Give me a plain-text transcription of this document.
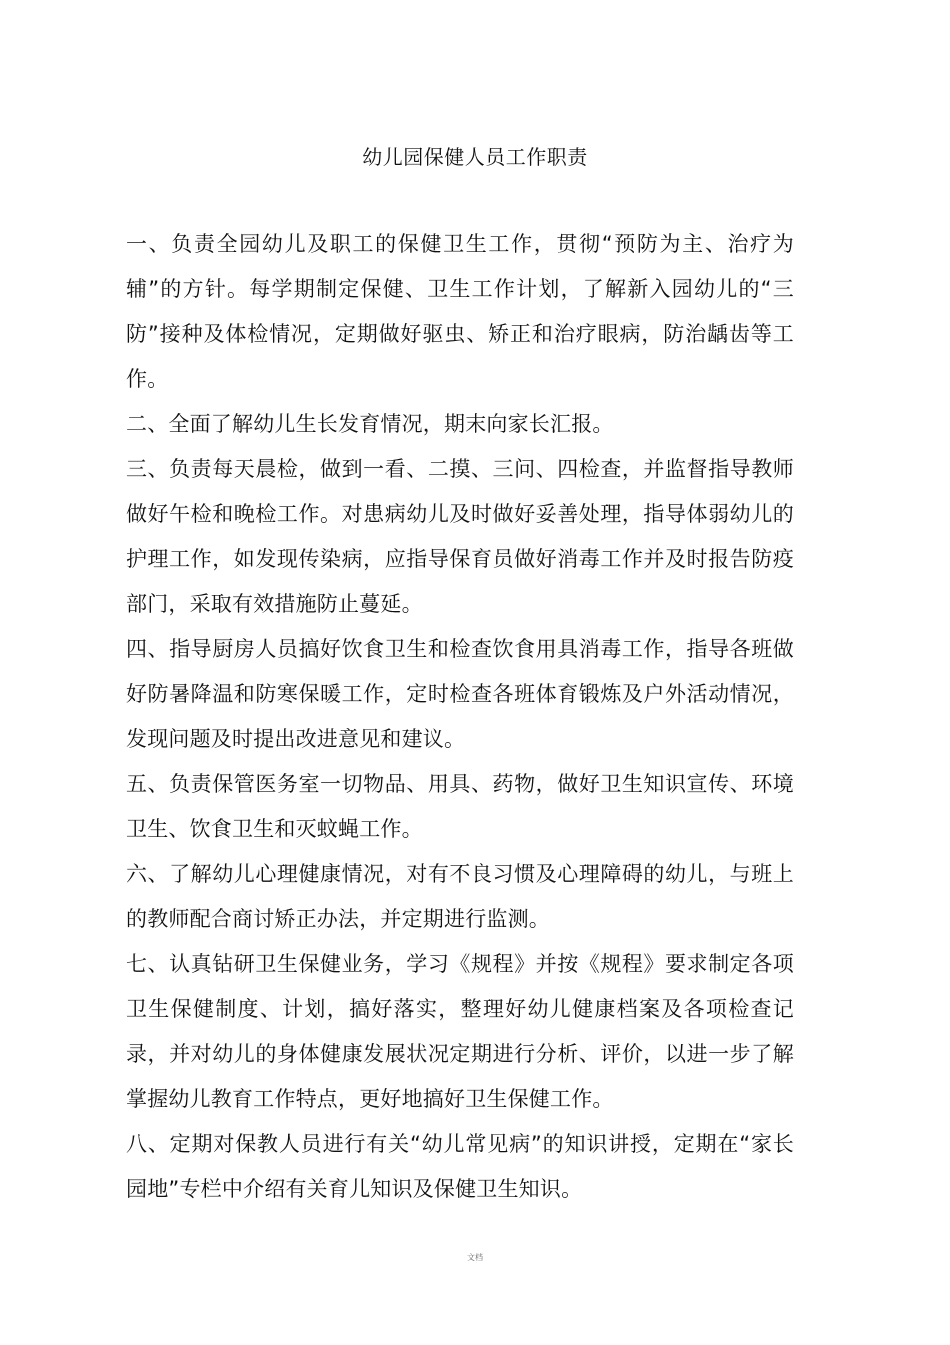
幼儿园保健人员工作职责

一、负责全园幼儿及职工的保健卫生工作，贯彻“预防为主、治疗为辅”的方针。每学期制定保健、卫生工作计划，了解新入园幼儿的“三防”接种及体检情况，定期做好驱虫、矫正和治疗眼病，防治龋齿等工作。

二、全面了解幼儿生长发育情况，期末向家长汇报。

三、负责每天晨检，做到一看、二摸、三问、四检查，并监督指导教师做好午检和晚检工作。对患病幼儿及时做好妥善处理，指导体弱幼儿的护理工作，如发现传染病，应指导保育员做好消毒工作并及时报告防疫部门，采取有效措施防止蔓延。

四、指导厨房人员搞好饮食卫生和检查饮食用具消毒工作，指导各班做好防暑降温和防寒保暖工作，定时检查各班体育锻炼及户外活动情况，发现问题及时提出改进意见和建议。

五、负责保管医务室一切物品、用具、药物，做好卫生知识宣传、环境卫生、饮食卫生和灭蚊蝇工作。

六、了解幼儿心理健康情况，对有不良习惯及心理障碍的幼儿，与班上的教师配合商讨矫正办法，并定期进行监测。

七、认真钻研卫生保健业务，学习《规程》并按《规程》要求制定各项卫生保健制度、计划，搞好落实，整理好幼儿健康档案及各项检查记录，并对幼儿的身体健康发展状况定期进行分析、评价，以进一步了解掌握幼儿教育工作特点，更好地搞好卫生保健工作。

八、定期对保教人员进行有关“幼儿常见病”的知识讲授，定期在“家长园地”专栏中介绍有关育儿知识及保健卫生知识。

文档
